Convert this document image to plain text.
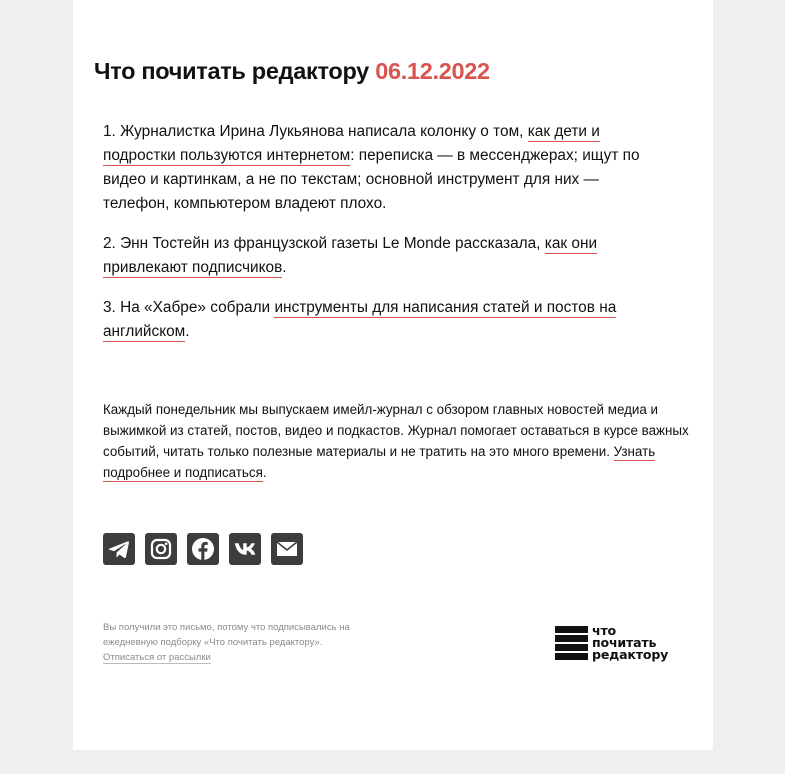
Что почитать редактору 06.12.2022

1. Журналистка Ирина Лукьянова написала колонку о том, как дети и подростки пользуются интернетом: переписка — в мессенджерах; ищут по видео и картинкам, а не по текстам; основной инструмент для них — телефон, компьютером владеют плохо.

2. Энн Тостейн из французской газеты Le Monde рассказала, как они привлекают подписчиков.

3. На «Хабре» собрали инструменты для написания статей и постов на английском.

Каждый понедельник мы выпускаем имейл-журнал с обзором главных новостей медиа и выжимкой из статей, постов, видео и подкастов. Журнал помогает оставаться в курсе важных событий, читать только полезные материалы и не тратить на это много времени. Узнать подробнее и подписаться.

Вы получили это письмо, потому что подписывались на ежедневную подборку «Что почитать редактору».
Отписаться от рассылки

что
почитать
редактору
